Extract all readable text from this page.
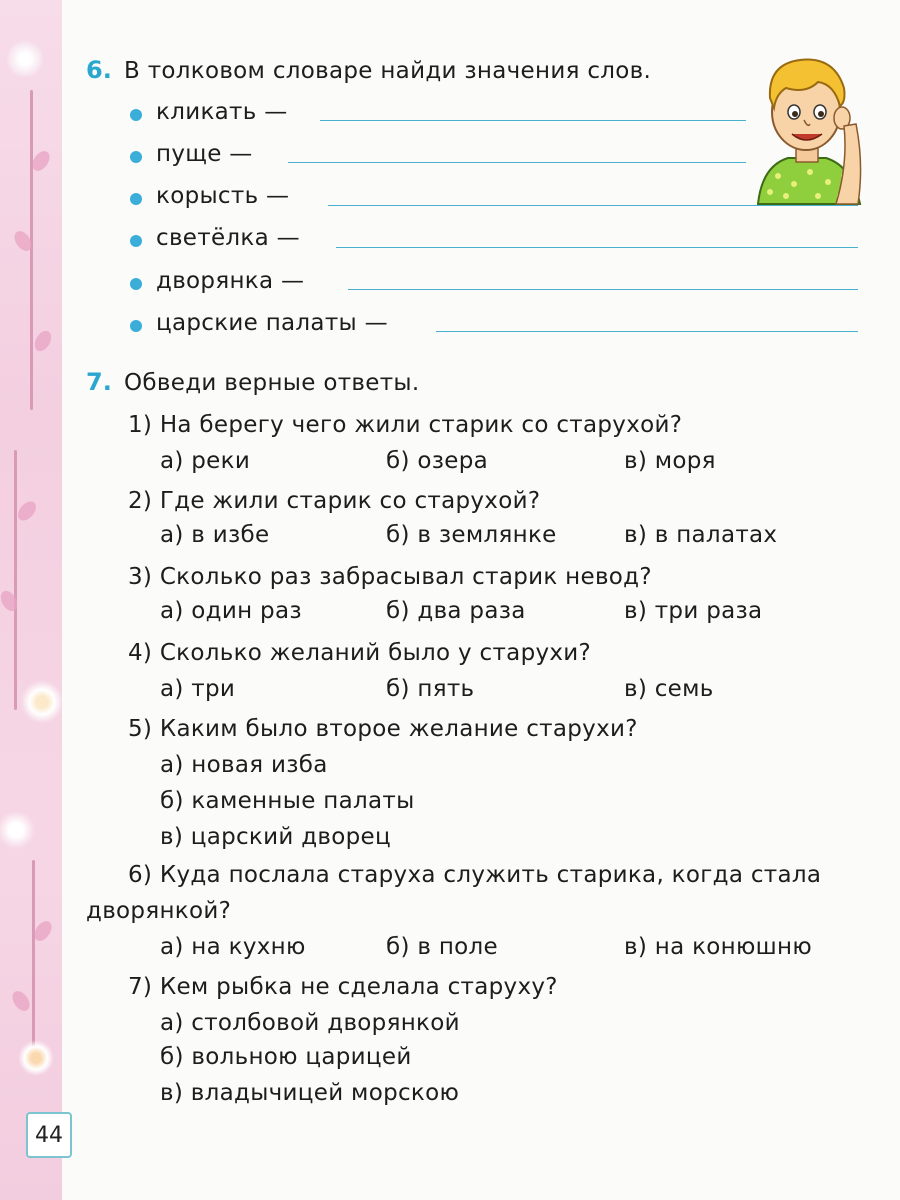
44
6. В толковом словаре найди значения слов.
кликать —
пуще —
корысть —
светёлка —
дворянка —
царские палаты —
7. Обведи верные ответы.
1) На берегу чего жили старик со старухой?
а) реки	б) озера	в) моря
2) Где жили старик со старухой?
а) в избе	б) в землянке	в) в палатах
3) Сколько раз забрасывал старик невод?
а) один раз	б) два раза	в) три раза
4) Сколько желаний было у старухи?
а) три	б) пять	в) семь
5) Каким было второе желание старухи?
а) новая изба
б) каменные палаты
в) царский дворец
6) Куда послала старуха служить старика, когда стала
дворянкой?
а) на кухню	б) в поле	в) на конюшню
7) Кем рыбка не сделала старуху?
а) столбовой дворянкой
б) вольною царицей
в) владычицей морскою
